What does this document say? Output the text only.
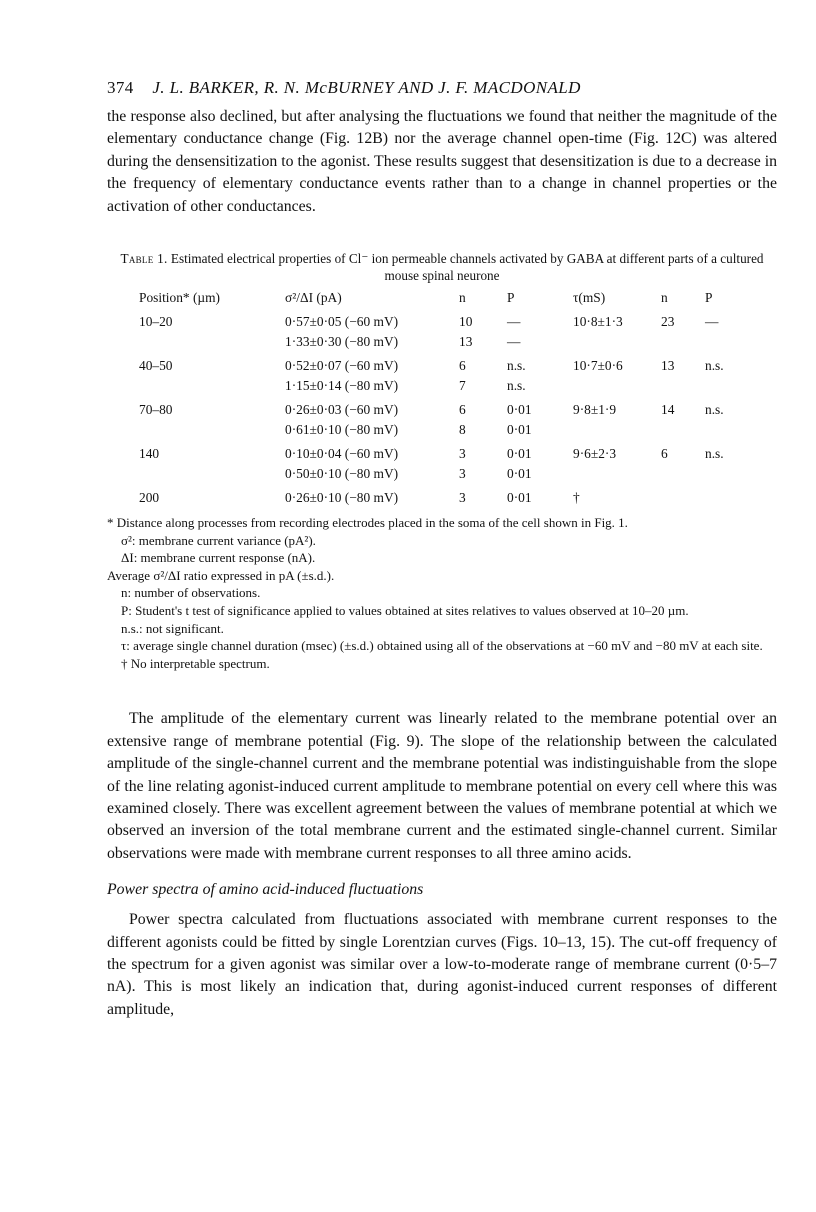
374 J. L. BARKER, R. N. McBURNEY AND J. F. MACDONALD

the response also declined, but after analysing the fluctuations we found that neither the magnitude of the elementary conductance change (Fig. 12B) nor the average channel open-time (Fig. 12C) was altered during the densensitization to the agonist. These results suggest that desensitization is due to a decrease in the frequency of elementary conductance events rather than to a change in channel properties or the activation of other conductances.

Table 1. Estimated electrical properties of Cl⁻ ion permeable channels activated by GABA at different parts of a cultured mouse spinal neurone
Position* (µm)	σ²/ΔI (pA)	n	P	τ(mS)	n	P
10–20	0·57±0·05 (−60 mV)	10	—	10·8±1·3	23	—
	1·33±0·30 (−80 mV)	13	—			
40–50	0·52±0·07 (−60 mV)	6	n.s.	10·7±0·6	13	n.s.
	1·15±0·14 (−80 mV)	7	n.s.			
70–80	0·26±0·03 (−60 mV)	6	0·01	9·8±1·9	14	n.s.
	0·61±0·10 (−80 mV)	8	0·01			
140	0·10±0·04 (−60 mV)	3	0·01	9·6±2·3	6	n.s.
	0·50±0·10 (−80 mV)	3	0·01			
200	0·26±0·10 (−80 mV)	3	0·01	†		
* Distance along processes from recording electrodes placed in the soma of the cell shown in Fig. 1.
σ²: membrane current variance (pA²).
ΔI: membrane current response (nA).
Average σ²/ΔI ratio expressed in pA (±s.d.).
n: number of observations.
P: Student's t test of significance applied to values obtained at sites relatives to values observed at 10–20 µm.
n.s.: not significant.
τ: average single channel duration (msec) (±s.d.) obtained using all of the observations at −60 mV and −80 mV at each site.
† No interpretable spectrum.

The amplitude of the elementary current was linearly related to the membrane potential over an extensive range of membrane potential (Fig. 9). The slope of the relationship between the calculated amplitude of the single-channel current and the membrane potential was indistinguishable from the slope of the line relating agonist-induced current amplitude to membrane potential on every cell where this was examined closely. There was excellent agreement between the values of membrane potential at which we observed an inversion of the total membrane current and the estimated single-channel current. Similar observations were made with membrane current responses to all three amino acids.

Power spectra of amino acid-induced fluctuations

Power spectra calculated from fluctuations associated with membrane current responses to the different agonists could be fitted by single Lorentzian curves (Figs. 10–13, 15). The cut-off frequency of the spectrum for a given agonist was similar over a low-to-moderate range of membrane current (0·5–7 nA). This is most likely an indication that, during agonist-induced current responses of different amplitude,
